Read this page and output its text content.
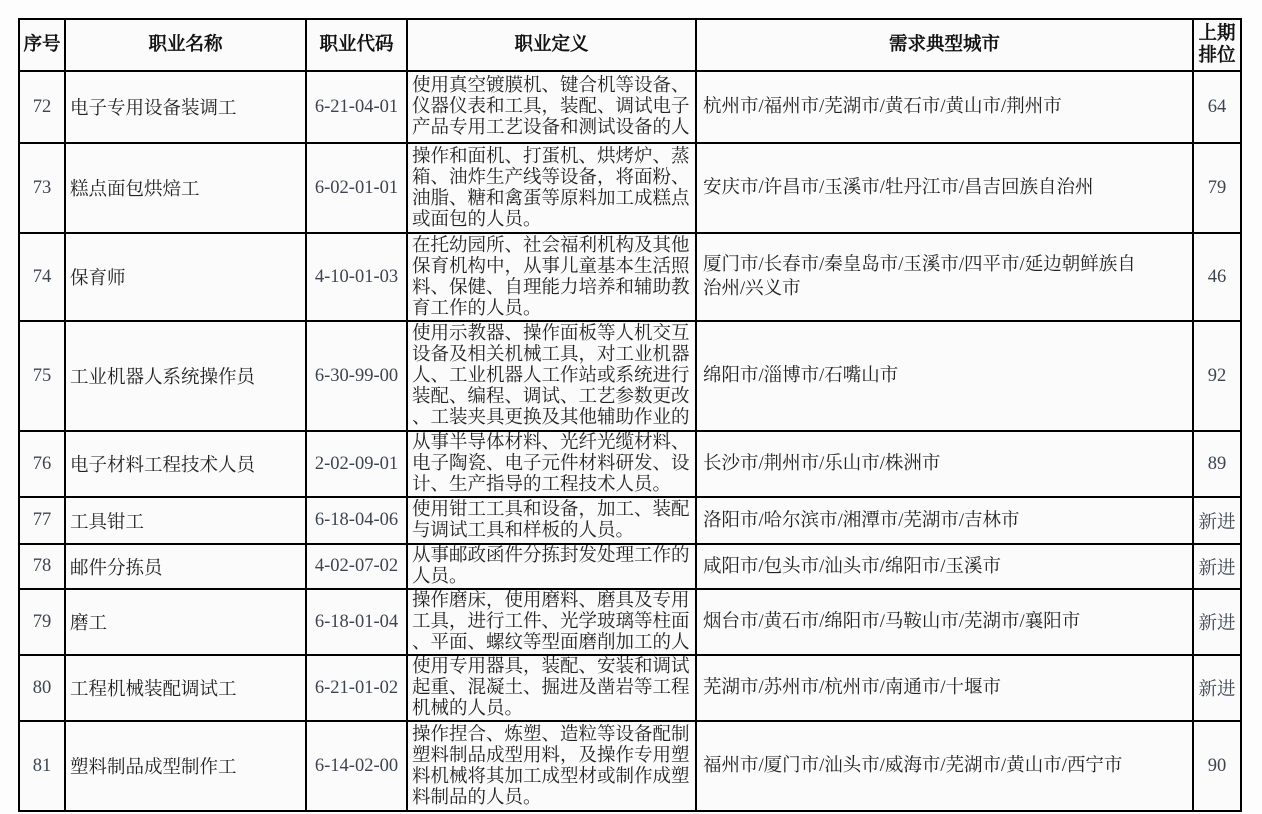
序号	职业名称	职业代码	职业定义	需求典型城市	上期排位
72	电子专用设备装调工	6-21-04-01	使用真空镀膜机、键合机等设备、仪器仪表和工具，装配、调试电子产品专用工艺设备和测试设备的人	杭州市/福州市/芜湖市/黄石市/黄山市/荆州市	64
73	糕点面包烘焙工	6-02-01-01	操作和面机、打蛋机、烘烤炉、蒸箱、油炸生产线等设备，将面粉、油脂、糖和禽蛋等原料加工成糕点或面包的人员。	安庆市/许昌市/玉溪市/牡丹江市/昌吉回族自治州	79
74	保育师	4-10-01-03	在托幼园所、社会福利机构及其他保育机构中，从事儿童基本生活照料、保健、自理能力培养和辅助教育工作的人员。	厦门市/长春市/秦皇岛市/玉溪市/四平市/延边朝鲜族自治州/兴义市	46
75	工业机器人系统操作员	6-30-99-00	使用示教器、操作面板等人机交互设备及相关机械工具，对工业机器人、工业机器人工作站或系统进行装配、编程、调试、工艺参数更改、工装夹具更换及其他辅助作业的	绵阳市/淄博市/石嘴山市	92
76	电子材料工程技术人员	2-02-09-01	从事半导体材料、光纤光缆材料、电子陶瓷、电子元件材料研发、设计、生产指导的工程技术人员。	长沙市/荆州市/乐山市/株洲市	89
77	工具钳工	6-18-04-06	使用钳工工具和设备，加工、装配与调试工具和样板的人员。	洛阳市/哈尔滨市/湘潭市/芜湖市/吉林市	新进
78	邮件分拣员	4-02-07-02	从事邮政函件分拣封发处理工作的人员。	咸阳市/包头市/汕头市/绵阳市/玉溪市	新进
79	磨工	6-18-01-04	操作磨床，使用磨料、磨具及专用工具，进行工件、光学玻璃等柱面、平面、螺纹等型面磨削加工的人	烟台市/黄石市/绵阳市/马鞍山市/芜湖市/襄阳市	新进
80	工程机械装配调试工	6-21-01-02	使用专用器具，装配、安装和调试起重、混凝土、掘进及凿岩等工程机械的人员。	芜湖市/苏州市/杭州市/南通市/十堰市	新进
81	塑料制品成型制作工	6-14-02-00	操作捏合、炼塑、造粒等设备配制塑料制品成型用料，及操作专用塑料机械将其加工成型材或制作成塑料制品的人员。	福州市/厦门市/汕头市/威海市/芜湖市/黄山市/西宁市	90
